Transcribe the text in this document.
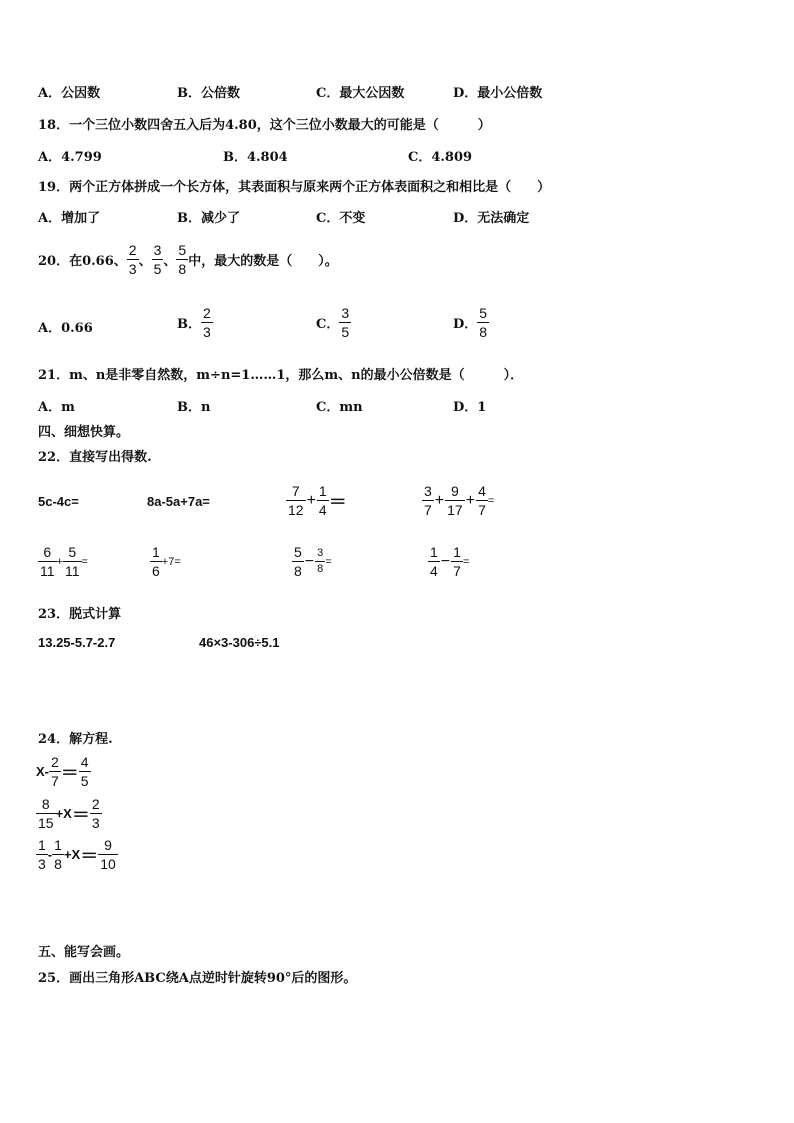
A．公因数	B．公倍数	C．最大公因数	D．最小公倍数
18．一个三位小数四舍五入后为4.80，这个三位小数最大的可能是（　　　）
A．4.799	B．4.804	C．4.809
19．两个正方体拼成一个长方体，其表面积与原来两个正方体表面积之和相比是（　　）
A．增加了	B．减少了	C．不变	D．无法确定
20．在0.66、 $\frac{2}{3}$ 、 $\frac{3}{5}$ 、 $\frac{5}{8}$ 中，最大的数是（　　）。
A．0.66	B． $\frac{2}{3}$	C． $\frac{3}{5}$	D． $\frac{5}{8}$
21．m、n是非零自然数，m÷n=1……1，那么m、n的最小公倍数是（　　　）．
A．m	B．n	C．mn	D．1
四、细想快算。
22．直接写出得数.
5c-4c=	8a-5a+7a=	$\frac{7}{12} + \frac{1}{4}$ ＝	$\frac{3}{7} + \frac{9}{17} + \frac{4}{7}$ =
$\frac{6}{11} + \frac{5}{11}$ =	$\frac{1}{6} +7=$	$\frac{5}{8} - \frac{3}{8}$ =	$\frac{1}{4} - \frac{1}{7}$ =
23．脱式计算
13.25-5.7-2.7	46×3-306÷5.1
24．解方程.
$X- \frac{2}{7} = \frac{4}{5}$
$\frac{8}{15} +X = \frac{2}{3}$
$\frac{1}{3} - \frac{1}{8} +X = \frac{9}{10}$
五、能写会画。
25．画出三角形ABC绕A点逆时针旋转90°后的图形。
